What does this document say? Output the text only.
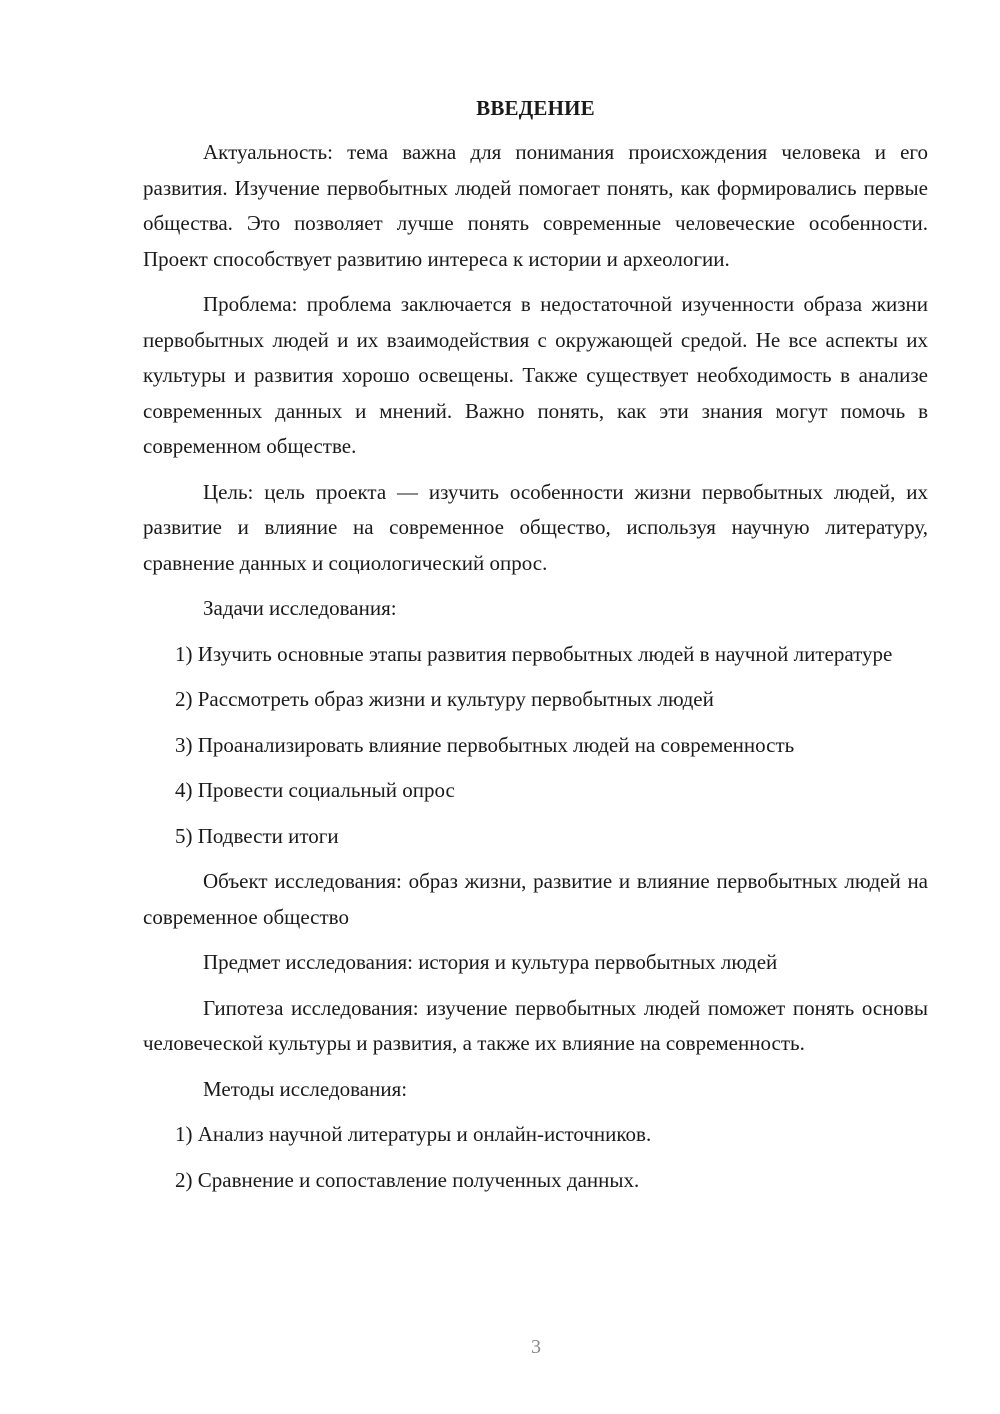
ВВЕДЕНИЕ

Актуальность: тема важна для понимания происхождения человека и его развития. Изучение первобытных людей помогает понять, как формировались первые общества. Это позволяет лучше понять современные человеческие особенности. Проект способствует развитию интереса к истории и археологии.

Проблема: проблема заключается в недостаточной изученности образа жизни первобытных людей и их взаимодействия с окружающей средой. Не все аспекты их культуры и развития хорошо освещены. Также существует необходимость в анализе современных данных и мнений. Важно понять, как эти знания могут помочь в современном обществе.

Цель: цель проекта — изучить особенности жизни первобытных людей, их развитие и влияние на современное общество, используя научную литературу, сравнение данных и социологический опрос.

Задачи исследования:

1) Изучить основные этапы развития первобытных людей в научной литературе

2) Рассмотреть образ жизни и культуру первобытных людей

3) Проанализировать влияние первобытных людей на современность

4) Провести социальный опрос

5) Подвести итоги

Объект исследования: образ жизни, развитие и влияние первобытных людей на современное общество

Предмет исследования: история и культура первобытных людей

Гипотеза исследования: изучение первобытных людей поможет понять основы человеческой культуры и развития, а также их влияние на современность.

Методы исследования:

1) Анализ научной литературы и онлайн-источников.

2) Сравнение и сопоставление полученных данных.

3
